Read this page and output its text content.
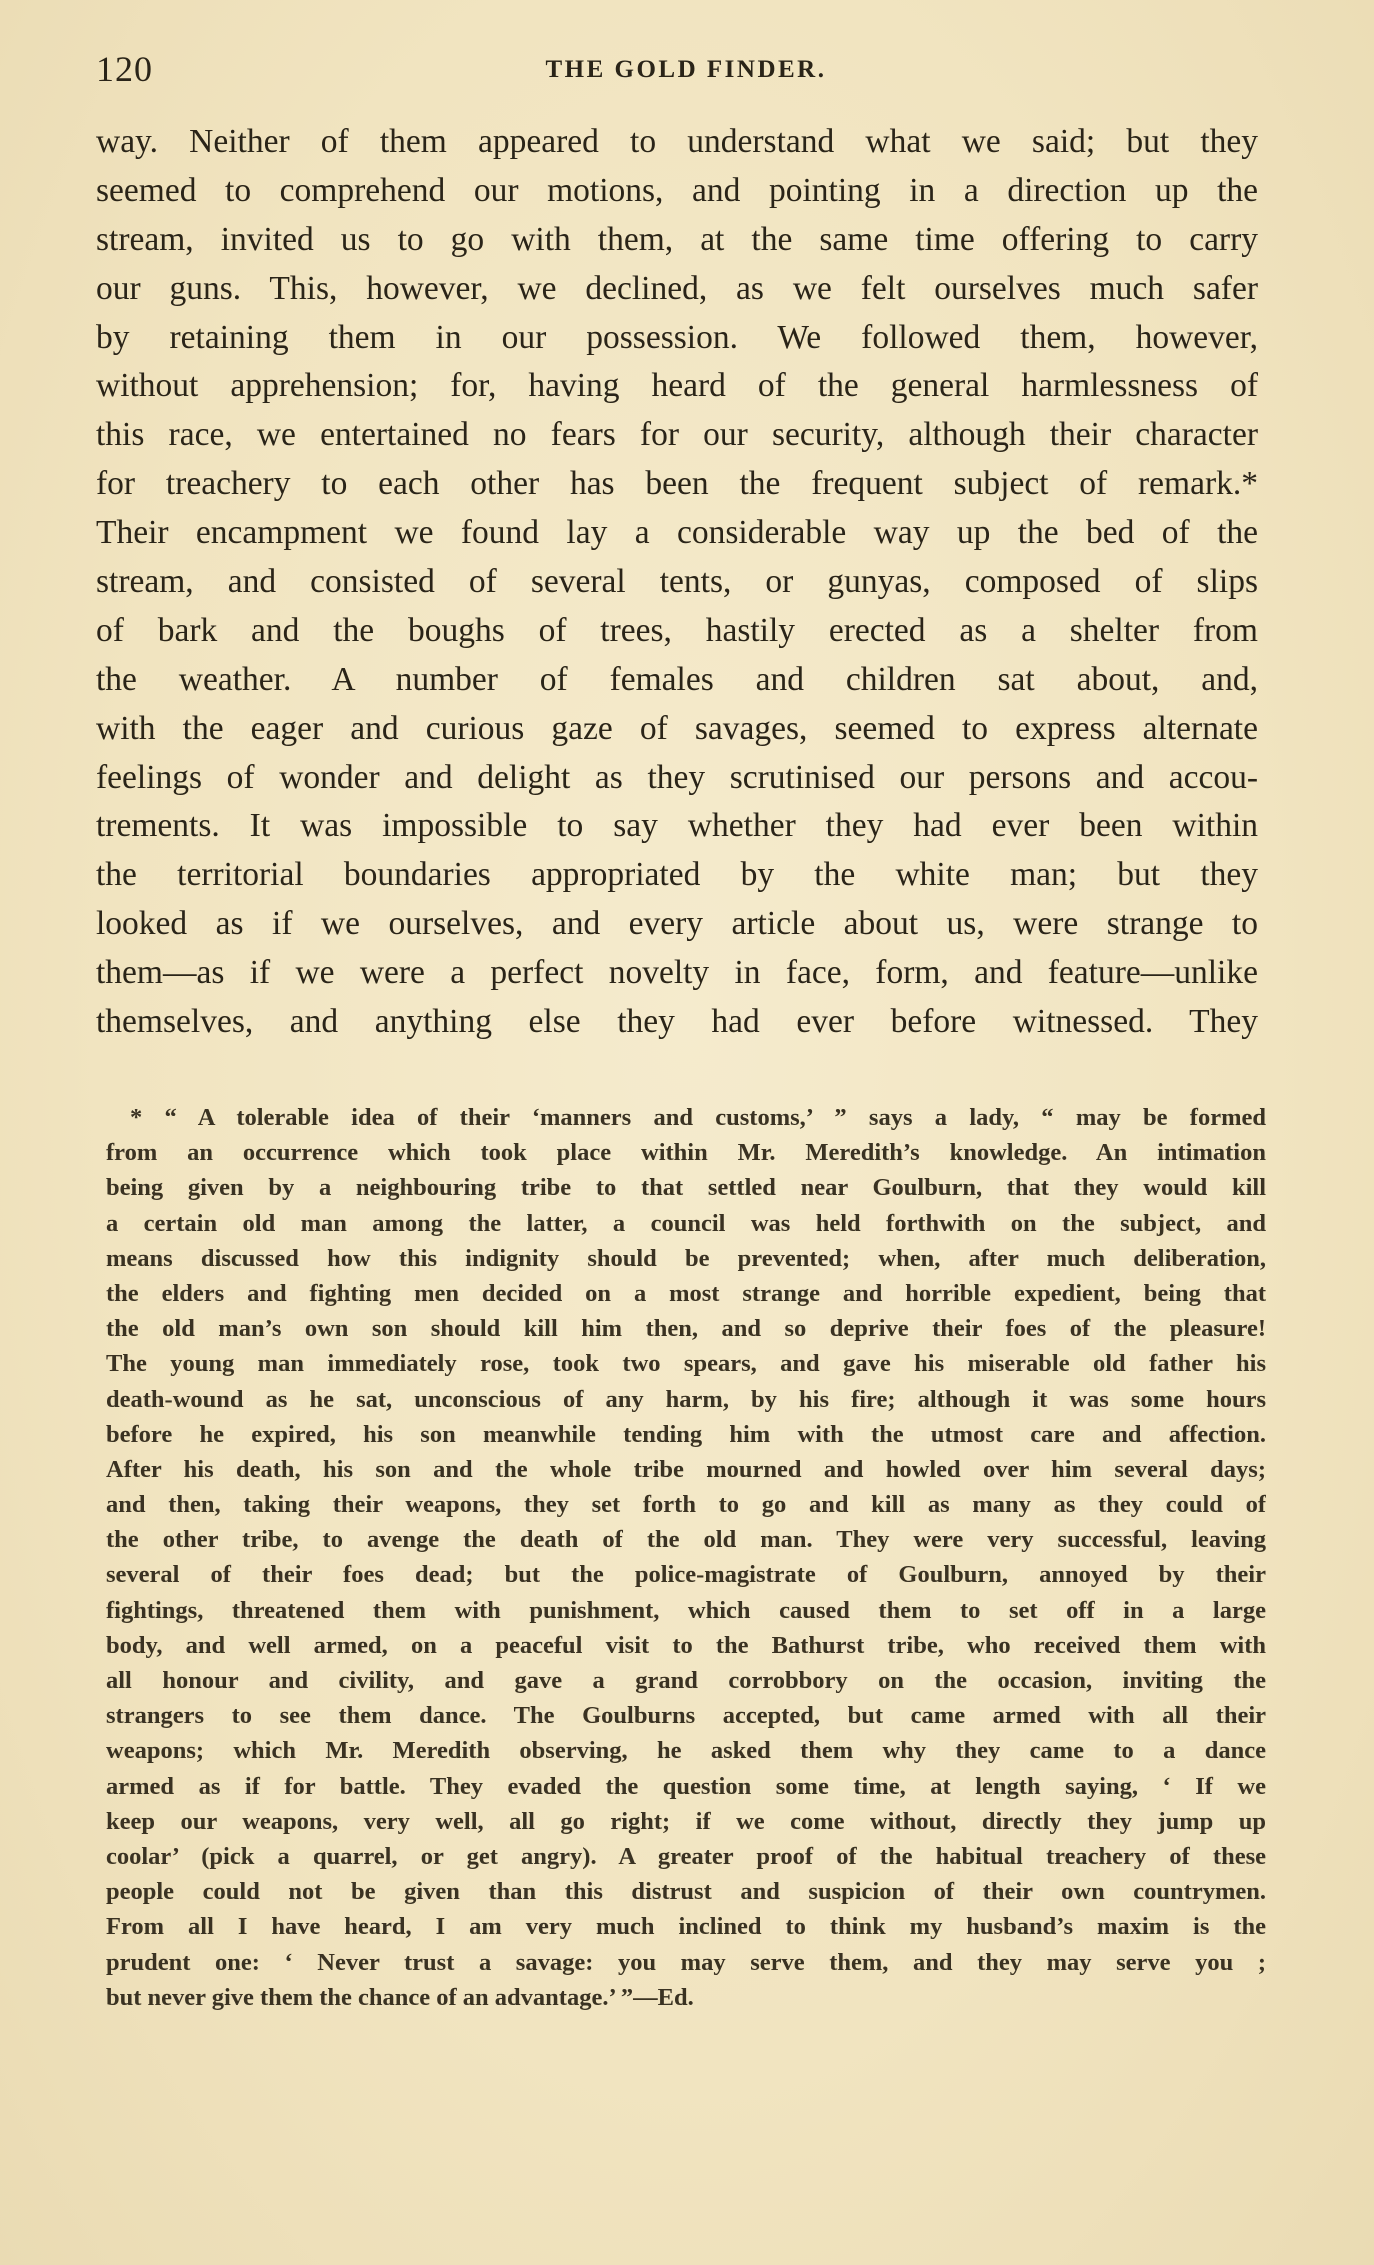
120	THE GOLD FINDER.
way. Neither of them appeared to understand what we said; but they
seemed to comprehend our motions, and pointing in a direction up the
stream, invited us to go with them, at the same time offering to carry
our guns. This, however, we declined, as we felt ourselves much safer
by retaining them in our possession. We followed them, however,
without apprehension; for, having heard of the general harmlessness of
this race, we entertained no fears for our security, although their character
for treachery to each other has been the frequent subject of remark.*
Their encampment we found lay a considerable way up the bed of the
stream, and consisted of several tents, or gunyas, composed of slips
of bark and the boughs of trees, hastily erected as a shelter from
the weather. A number of females and children sat about, and,
with the eager and curious gaze of savages, seemed to express alternate
feelings of wonder and delight as they scrutinised our persons and accou-
trements. It was impossible to say whether they had ever been within
the territorial boundaries appropriated by the white man; but they
looked as if we ourselves, and every article about us, were strange to
them—as if we were a perfect novelty in face, form, and feature—unlike
themselves, and anything else they had ever before witnessed. They
* “ A tolerable idea of their ‘manners and customs,’ ” says a lady, “ may be formed
from an occurrence which took place within Mr. Meredith’s knowledge. An intimation
being given by a neighbouring tribe to that settled near Goulburn, that they would kill
a certain old man among the latter, a council was held forthwith on the subject, and
means discussed how this indignity should be prevented; when, after much deliberation,
the elders and fighting men decided on a most strange and horrible expedient, being that
the old man’s own son should kill him then, and so deprive their foes of the pleasure!
The young man immediately rose, took two spears, and gave his miserable old father his
death-wound as he sat, unconscious of any harm, by his fire; although it was some hours
before he expired, his son meanwhile tending him with the utmost care and affection.
After his death, his son and the whole tribe mourned and howled over him several days;
and then, taking their weapons, they set forth to go and kill as many as they could of
the other tribe, to avenge the death of the old man. They were very successful, leaving
several of their foes dead; but the police-magistrate of Goulburn, annoyed by their
fightings, threatened them with punishment, which caused them to set off in a large
body, and well armed, on a peaceful visit to the Bathurst tribe, who received them with
all honour and civility, and gave a grand corrobbory on the occasion, inviting the
strangers to see them dance. The Goulburns accepted, but came armed with all their
weapons; which Mr. Meredith observing, he asked them why they came to a dance
armed as if for battle. They evaded the question some time, at length saying, ‘ If we
keep our weapons, very well, all go right; if we come without, directly they jump up
coolar’ (pick a quarrel, or get angry). A greater proof of the habitual treachery of these
people could not be given than this distrust and suspicion of their own countrymen.
From all I have heard, I am very much inclined to think my husband’s maxim is the
prudent one: ‘ Never trust a savage: you may serve them, and they may serve you ;
but never give them the chance of an advantage.’ ”—Ed.
